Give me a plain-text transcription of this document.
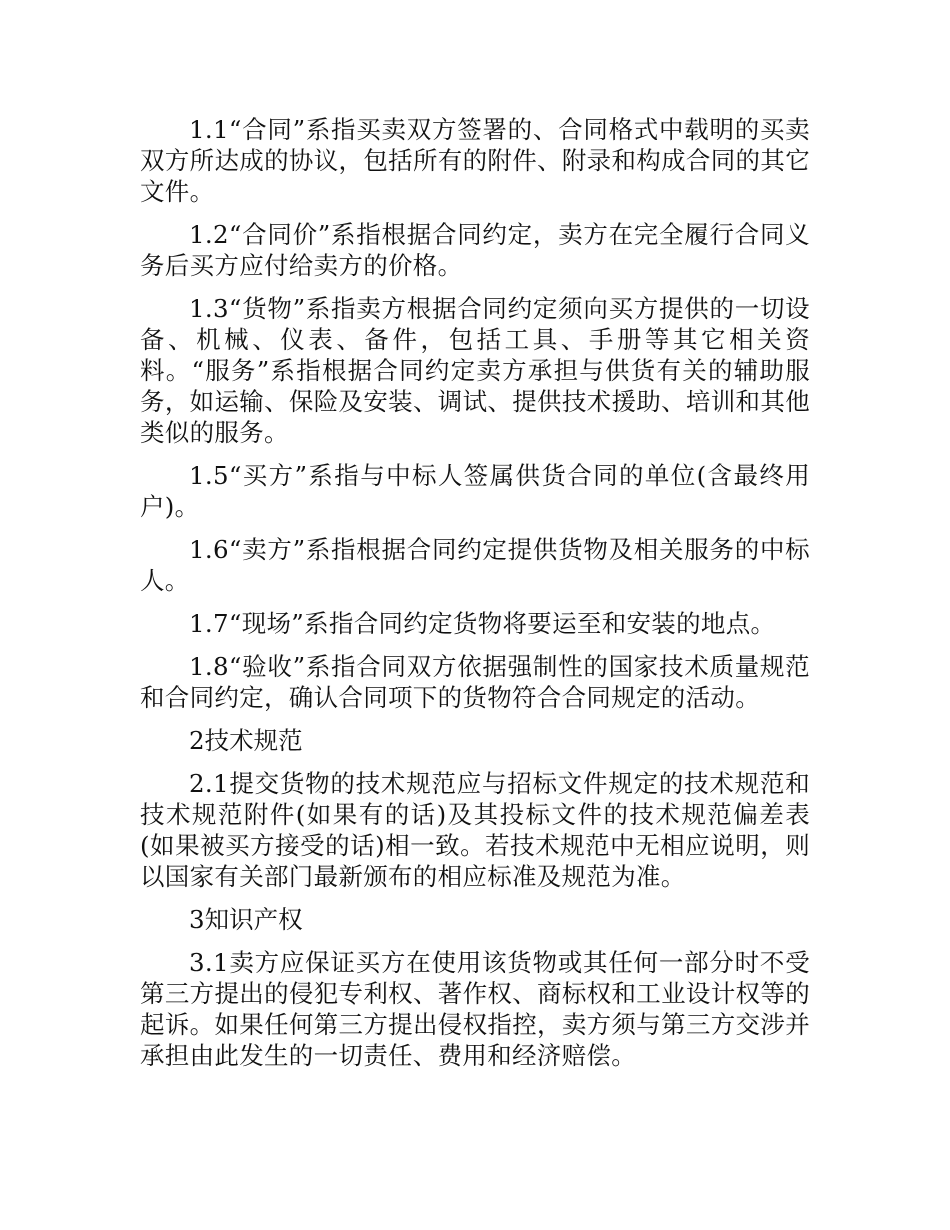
1.1“合同”系指买卖双方签署的、合同格式中载明的买卖双方所达成的协议，包括所有的附件、附录和构成合同的其它文件。

1.2“合同价”系指根据合同约定，卖方在完全履行合同义务后买方应付给卖方的价格。

1.3“货物”系指卖方根据合同约定须向买方提供的一切设备、机械、仪表、备件，包括工具、手册等其它相关资料。“服务”系指根据合同约定卖方承担与供货有关的辅助服务，如运输、保险及安装、调试、提供技术援助、培训和其他类似的服务。

1.5“买方”系指与中标人签属供货合同的单位(含最终用户)。

1.6“卖方”系指根据合同约定提供货物及相关服务的中标人。

1.7“现场”系指合同约定货物将要运至和安装的地点。

1.8“验收”系指合同双方依据强制性的国家技术质量规范和合同约定，确认合同项下的货物符合合同规定的活动。

2技术规范

2.1提交货物的技术规范应与招标文件规定的技术规范和技术规范附件(如果有的话)及其投标文件的技术规范偏差表(如果被买方接受的话)相一致。若技术规范中无相应说明，则以国家有关部门最新颁布的相应标准及规范为准。

3知识产权

3.1卖方应保证买方在使用该货物或其任何一部分时不受第三方提出的侵犯专利权、著作权、商标权和工业设计权等的起诉。如果任何第三方提出侵权指控，卖方须与第三方交涉并承担由此发生的一切责任、费用和经济赔偿。
